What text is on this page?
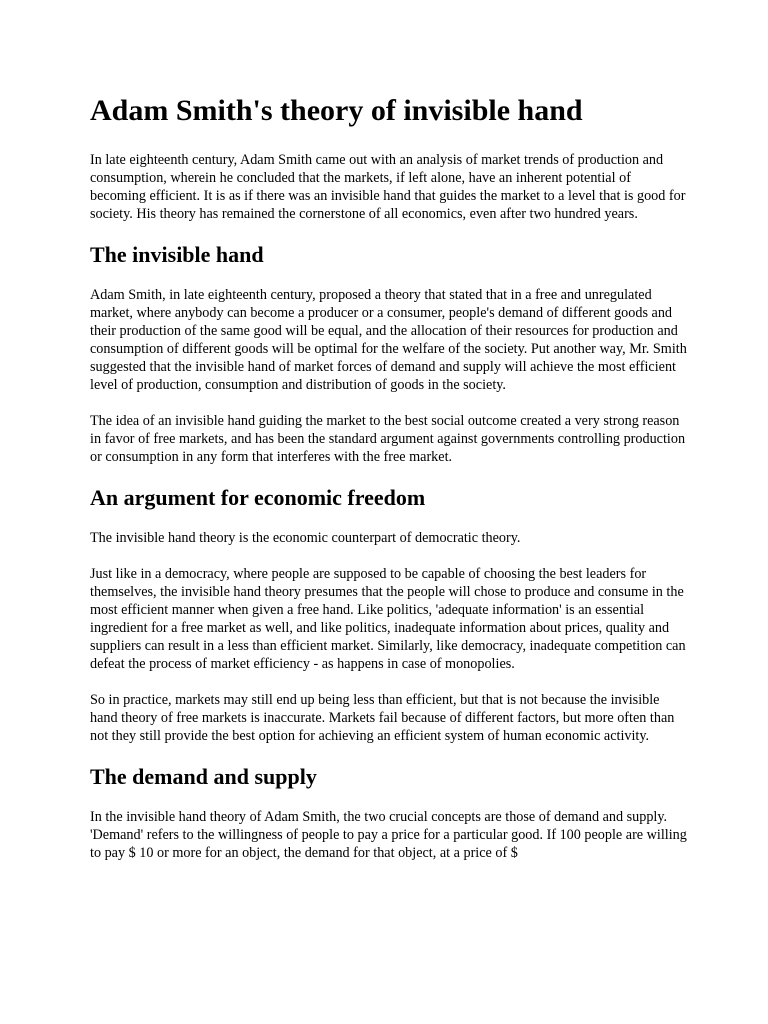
Adam Smith's theory of invisible hand

In late eighteenth century, Adam Smith came out with an analysis of market trends of production and consumption, wherein he concluded that the markets, if left alone, have an inherent potential of becoming efficient. It is as if there was an invisible hand that guides the market to a level that is good for society. His theory has remained the cornerstone of all economics, even after two hundred years.

The invisible hand

Adam Smith, in late eighteenth century, proposed a theory that stated that in a free and unregulated market, where anybody can become a producer or a consumer, people's demand of different goods and their production of the same good will be equal, and the allocation of their resources for production and consumption of different goods will be optimal for the welfare of the society. Put another way, Mr. Smith suggested that the invisible hand of market forces of demand and supply will achieve the most efficient level of production, consumption and distribution of goods in the society.

The idea of an invisible hand guiding the market to the best social outcome created a very strong reason in favor of free markets, and has been the standard argument against governments controlling production or consumption in any form that interferes with the free market.

An argument for economic freedom

The invisible hand theory is the economic counterpart of democratic theory.

Just like in a democracy, where people are supposed to be capable of choosing the best leaders for themselves, the invisible hand theory presumes that the people will chose to produce and consume in the most efficient manner when given a free hand. Like politics, 'adequate information' is an essential ingredient for a free market as well, and like politics, inadequate information about prices, quality and suppliers can result in a less than efficient market. Similarly, like democracy, inadequate competition can defeat the process of market efficiency - as happens in case of monopolies.

So in practice, markets may still end up being less than efficient, but that is not because the invisible hand theory of free markets is inaccurate. Markets fail because of different factors, but more often than not they still provide the best option for achieving an efficient system of human economic activity.

The demand and supply

In the invisible hand theory of Adam Smith, the two crucial concepts are those of demand and supply. 'Demand' refers to the willingness of people to pay a price for a particular good. If 100 people are willing to pay $ 10 or more for an object, the demand for that object, at a price of $
